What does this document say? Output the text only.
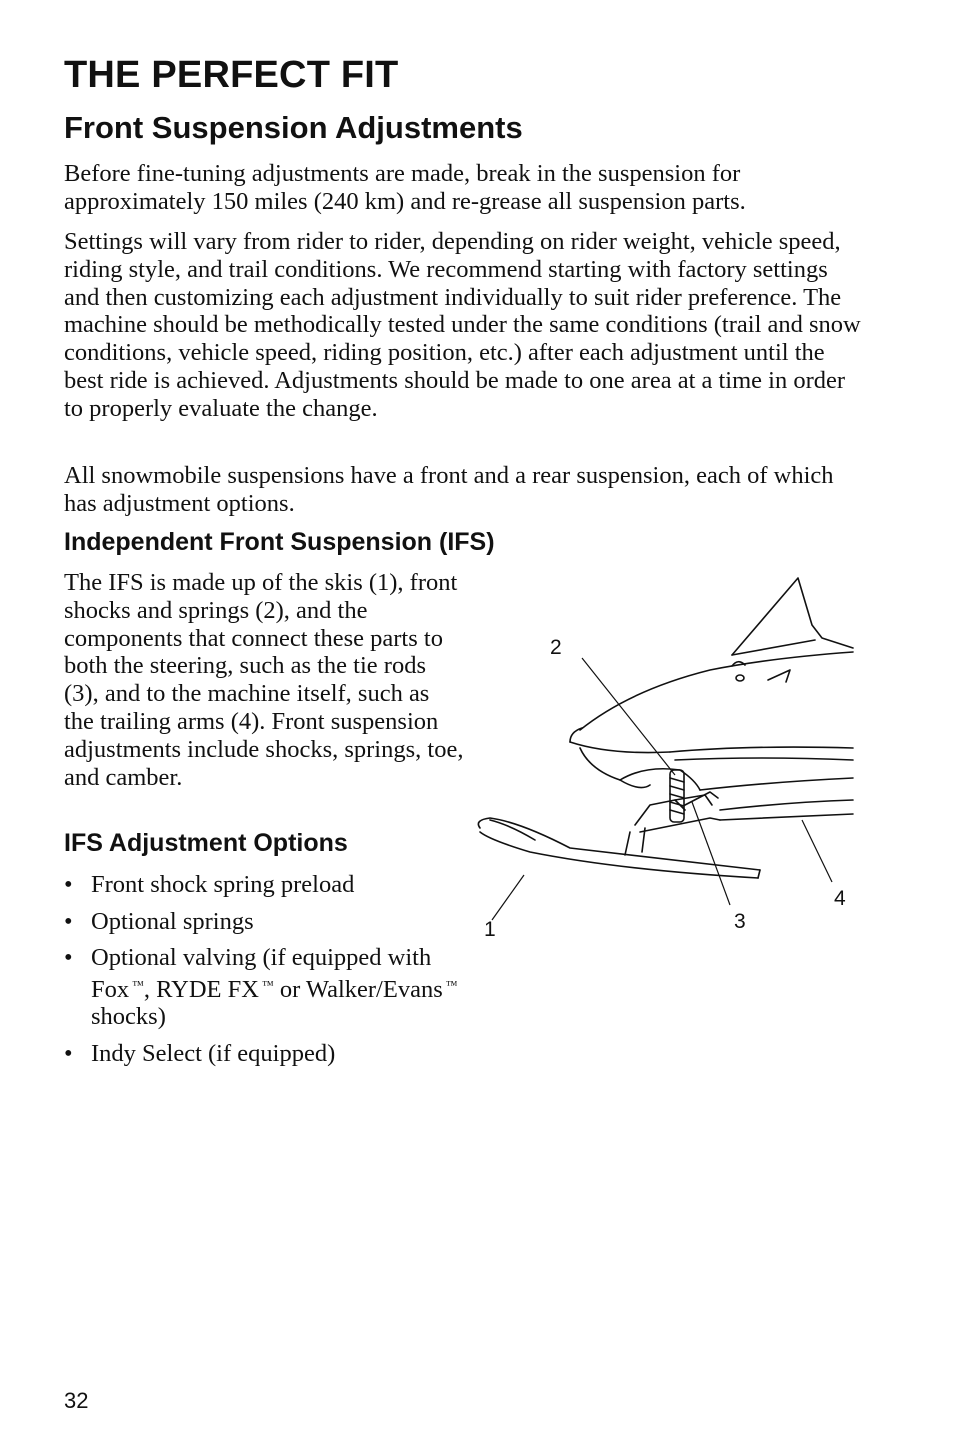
THE PERFECT FIT
Front Suspension Adjustments

Before fine-tuning adjustments are made, break in the suspension for approximately 150 miles (240 km) and re-grease all suspension parts.

Settings will vary from rider to rider, depending on rider weight, vehicle speed, riding style, and trail conditions. We recommend starting with factory settings and then customizing each adjustment individually to suit rider preference. The machine should be methodically tested under the same conditions (trail and snow conditions, vehicle speed, riding position, etc.) after each adjustment until the best ride is achieved. Adjustments should be made to one area at a time in order to properly evaluate the change.

All snowmobile suspensions have a front and a rear suspension, each of which has adjustment options.

Independent Front Suspension (IFS)

The IFS is made up of the skis (1), front shocks and springs (2), and the components that connect these parts to both the steering, such as the tie rods (3), and to the machine itself, such as the trailing arms (4). Front suspension adjustments include shocks, springs, toe, and camber.

IFS Adjustment Options
• Front shock spring preload
• Optional springs
• Optional valving (if equipped with Fox ™, RYDE FX ™ or Walker/Evans ™ shocks)
• Indy Select (if equipped)
1
2
3
4
32
